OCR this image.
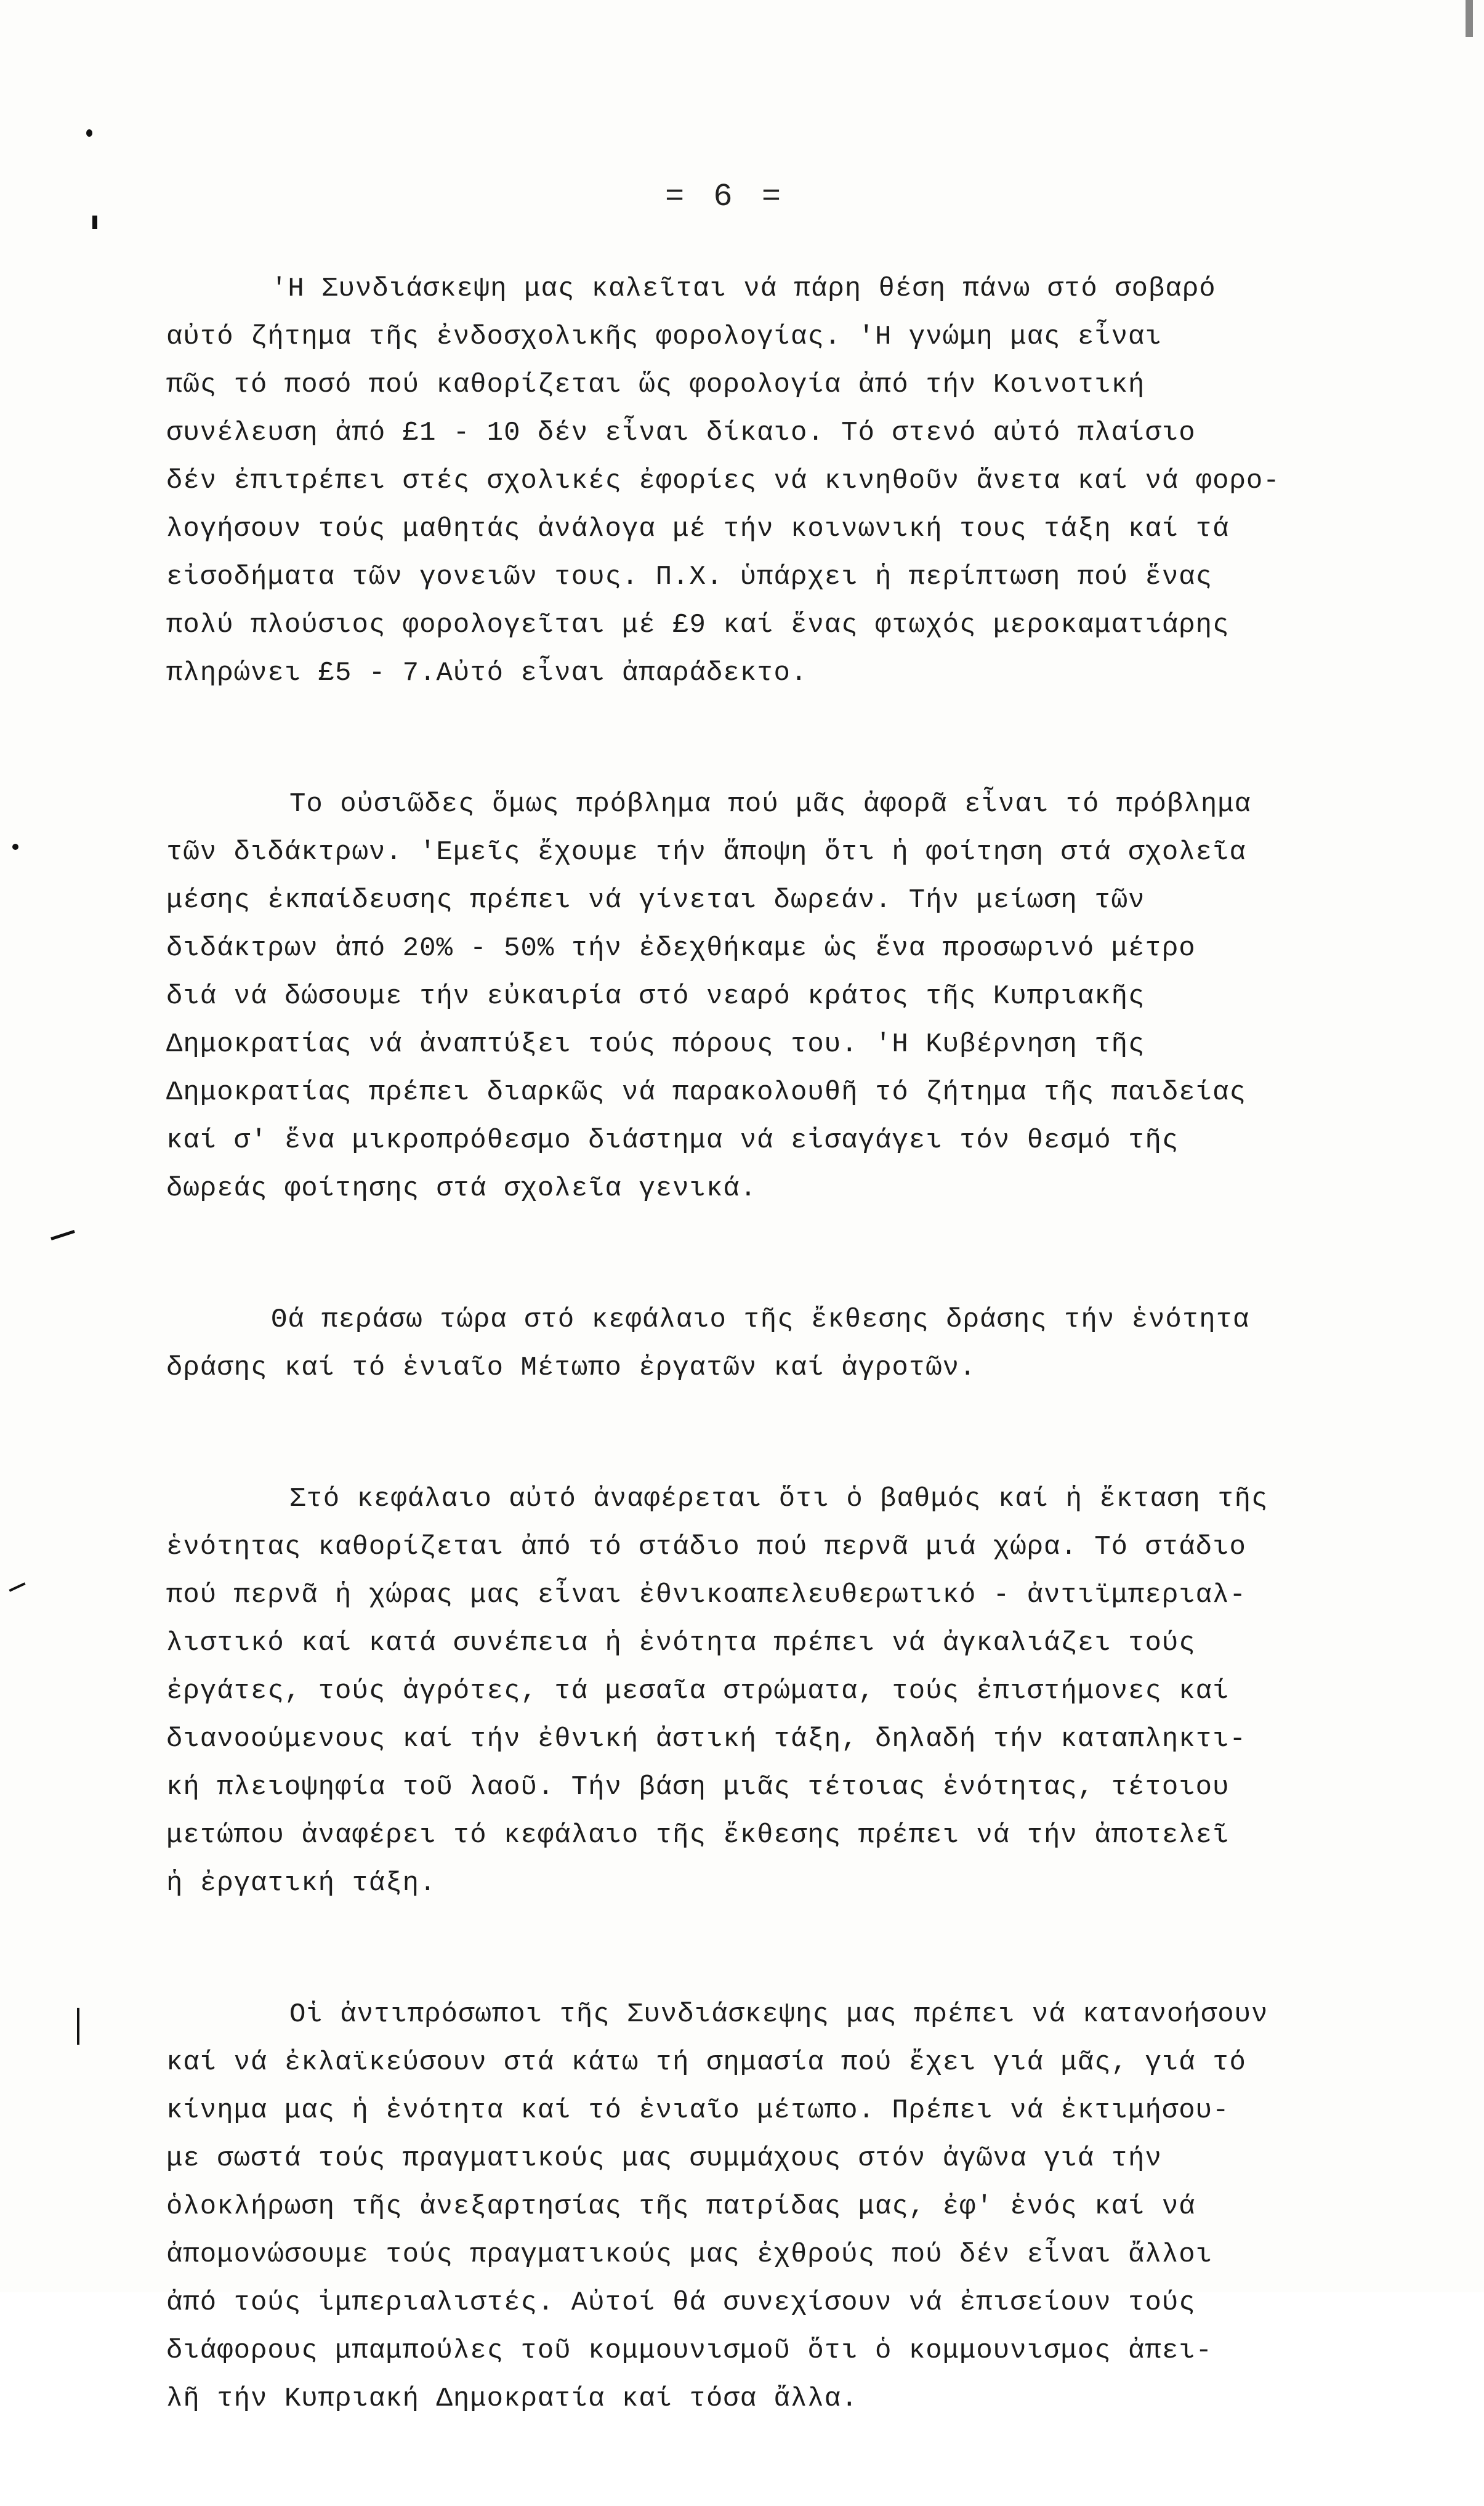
= 6 =
'Η Συνδιάσκεψη μας καλεῖται νά πάρη θέση πάνω στό σοβαρό
αὐτό ζήτημα τῆς ἐνδοσχολικῆς φορολογίας. 'Η γνώμη μας εἶναι
πῶς τό ποσό πού καθορίζεται ὥς φορολογία ἀπό τήν Κοινοτική
συνέλευση ἀπό £1 - 10 δέν εἶναι δίκαιο. Τό στενό αὐτό πλαίσιο
δέν ἐπιτρέπει στές σχολικές ἐφορίες νά κινηθοῦν ἄνετα καί νά φορο-
λογήσουν τούς μαθητάς ἀνάλογα μέ τήν κοινωνική τους τάξη καί τά
εἰσοδήματα τῶν γονειῶν τους. Π.Χ. ὑπάρχει ἡ περίπτωση πού ἕνας
πολύ πλούσιος φορολογεῖται μέ £9 καί ἕνας φτωχός μεροκαματιάρης
πληρώνει £5 - 7.Αὐτό εἶναι ἀπαράδεκτο.
Το οὐσιῶδες ὅμως πρόβλημα πού μᾶς ἀφορᾶ εἶναι τό πρόβλημα
τῶν διδάκτρων. 'Εμεῖς ἔχουμε τήν ἄποψη ὅτι ἡ φοίτηση στά σχολεῖα
μέσης ἐκπαίδευσης πρέπει νά γίνεται δωρεάν. Τήν μείωση τῶν
διδάκτρων ἀπό 20% - 50% τήν ἐδεχθήκαμε ὡς ἕνα προσωρινό μέτρο
διά νά δώσουμε τήν εὐκαιρία στό νεαρό κράτος τῆς Κυπριακῆς
Δημοκρατίας νά ἀναπτύξει τούς πόρους του. 'Η Κυβέρνηση τῆς
Δημοκρατίας πρέπει διαρκῶς νά παρακολουθῆ τό ζήτημα τῆς παιδείας
καί σ' ἕνα μικροπρόθεσμο διάστημα νά εἰσαγάγει τόν θεσμό τῆς
δωρεάς φοίτησης στά σχολεῖα γενικά.
Θά περάσω τώρα στό κεφάλαιο τῆς ἔκθεσης δράσης τήν ἑνότητα
δράσης καί τό ἑνιαῖο Μέτωπο ἐργατῶν καί ἀγροτῶν.
Στό κεφάλαιο αὐτό ἀναφέρεται ὅτι ὁ βαθμός καί ἡ ἔκταση τῆς
ἑνότητας καθορίζεται ἀπό τό στάδιο πού περνᾶ μιά χώρα. Τό στάδιο
πού περνᾶ ἡ χώρας μας εἶναι ἐθνικοαπελευθερωτικό - ἀντιϊμπεριαλ-
λιστικό καί κατά συνέπεια ἡ ἑνότητα πρέπει νά ἀγκαλιάζει τούς
ἐργάτες, τούς ἀγρότες, τά μεσαῖα στρώματα, τούς ἐπιστήμονες καί
διανοούμενους καί τήν ἐθνική ἀστική τάξη, δηλαδή τήν καταπληκτι-
κή πλειοψηφία τοῦ λαοῦ. Τήν βάση μιᾶς τέτοιας ἑνότητας, τέτοιου
μετώπου ἀναφέρει τό κεφάλαιο τῆς ἔκθεσης πρέπει νά τήν ἀποτελεῖ
ἡ ἐργατική τάξη.
Οἱ ἀντιπρόσωποι τῆς Συνδιάσκεψης μας πρέπει νά κατανοήσουν
καί νά ἐκλαϊκεύσουν στά κάτω τή σημασία πού ἔχει γιά μᾶς, γιά τό
κίνημα μας ἡ ἑνότητα καί τό ἑνιαῖο μέτωπο. Πρέπει νά ἐκτιμήσου-
με σωστά τούς πραγματικούς μας συμμάχους στόν ἀγῶνα γιά τήν
ὁλοκλήρωση τῆς ἀνεξαρτησίας τῆς πατρίδας μας, ἐφ' ἑνός καί νά
ἀπομονώσουμε τούς πραγματικούς μας ἐχθρούς πού δέν εἶναι ἄλλοι
ἀπό τούς ἰμπεριαλιστές. Αὐτοί θά συνεχίσουν νά ἐπισείουν τούς
διάφορους μπαμπούλες τοῦ κομμουνισμοῦ ὅτι ὁ κομμουνισμος ἀπει-
λῆ τήν Κυπριακή Δημοκρατία καί τόσα ἄλλα.
